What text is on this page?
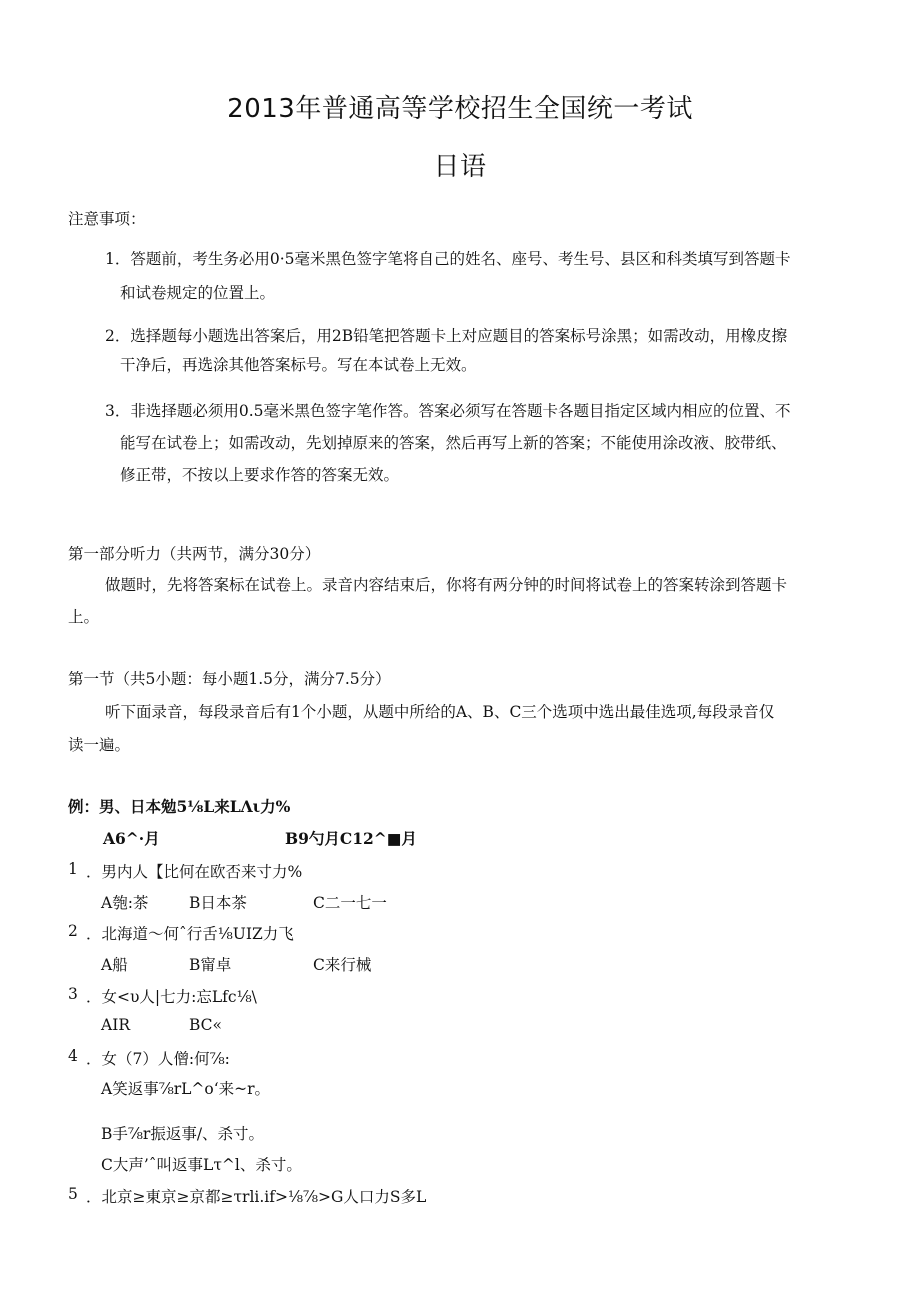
2013年普通高等学校招生全国统一考试
日语
注意事项：
1．答题前，考生务必用0·5毫米黑色签字笔将自己的姓名、座号、考生号、县区和科类填写到答题卡
和试卷规定的位置上。
2．选择题每小题选出答案后，用2B铅笔把答题卡上对应题目的答案标号涂黑；如需改动，用橡皮擦
干净后，再选涂其他答案标号。写在本试卷上无效。
3．非选择题必须用0.5毫米黑色签字笔作答。答案必须写在答题卡各题目指定区域内相应的位置、不
能写在试卷上；如需改动，先划掉原来的答案，然后再写上新的答案；不能使用涂改液、胶带纸、
修正带，不按以上要求作答的答案无效。
第一部分听力（共两节，满分30分）
做题时，先将答案标在试卷上。录音内容结束后，你将有两分钟的时间将试卷上的答案转涂到答题卡
上。
第一节（共5小题：每小题1.5分，满分7.5分）
听下面录音，每段录音后有1个小题，从题中所给的A、B、C三个选项中选出最佳选项,每段录音仅
读一遍。
例：男、日本勉5⅛L来LΛι力%
A6^·月	B9勺月C12^■月
1 ．男内人【比何在欧否来寸力%
A匏:茶	B日本茶	C二一七一
2 ．北海道～何ˆ行舌⅛UIZ力飞
A船	B甯卓	C来行械
3 ．女<υ人|七力:忘Lfc⅛\
AIR	BC«
4 ．女（7）人僧:何⅞:
A笑返事⅞rL^o‘来~r。
B手⅞r振返事/、杀寸。
C大声’ˆ叫返事Lτ^l、杀寸。
5 ．北京≥東京≥京都≥τrli.if>⅛⅞>G人口力S多L
